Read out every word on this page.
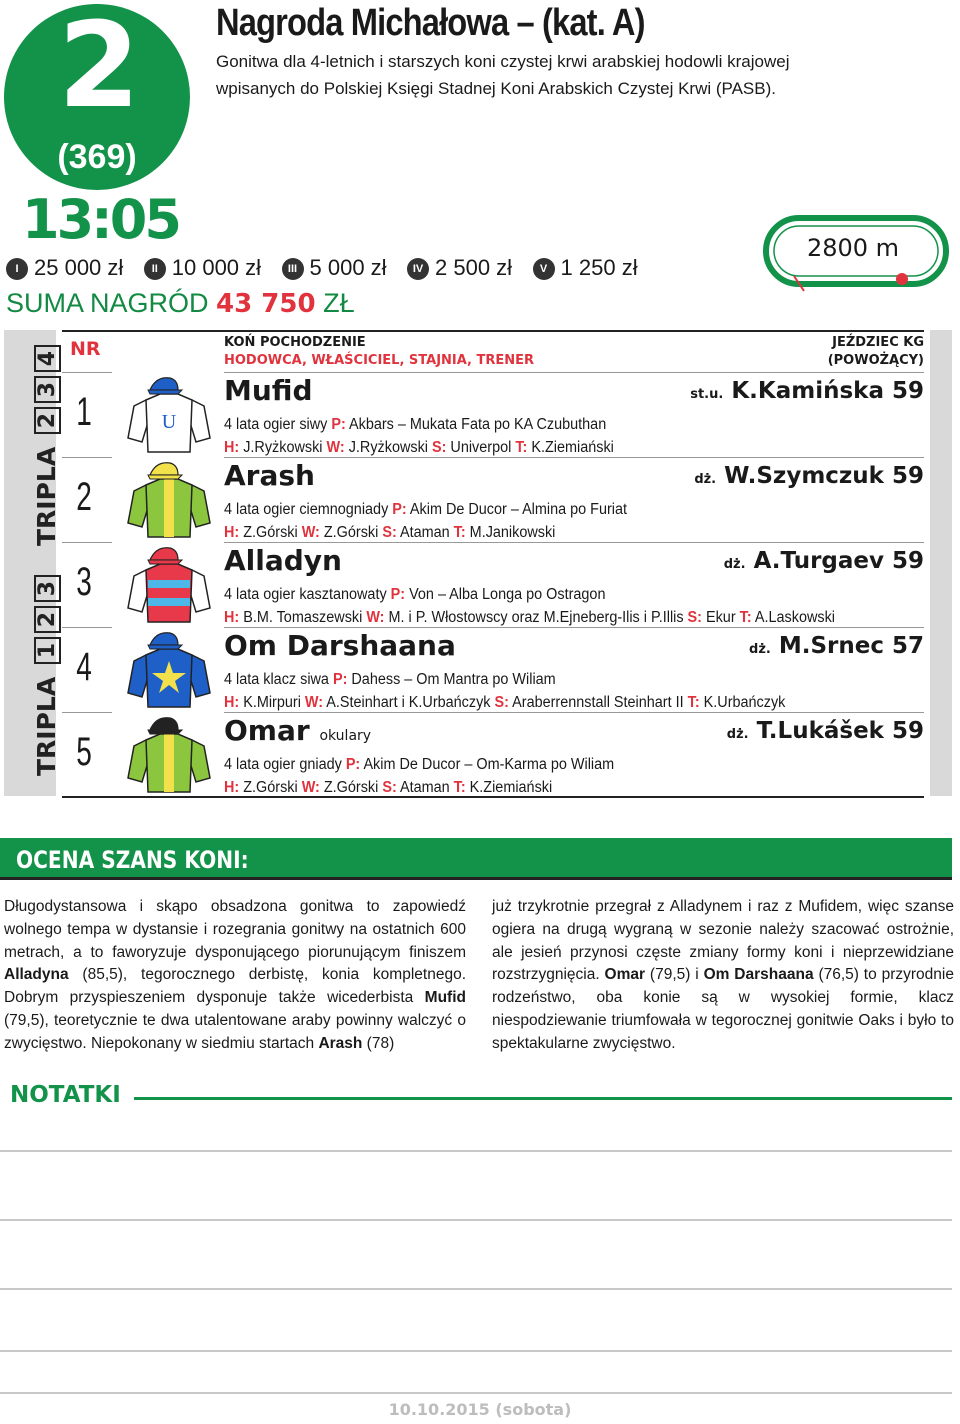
2
(369)
13:05
Nagroda Michałowa – (kat. A)
Gonitwa dla 4-letnich i starszych koni czystej krwi arabskiej hodowli krajowej wpisanych do Polskiej Księgi Stadnej Koni Arabskich Czystej Krwi (PASB).
I 25 000 zł	II 10 000 zł III 5 000 zł IV 2 500 zł	V 1 250 zł
SUMA NAGRÓD 43 750 ZŁ
2800 m
TRIPLA 123
TRIPLA 234 NR	KOŃ POCHODZENIE
HODOWCA, WŁAŚCICIEL, STAJNIA, TRENER
JEŹDZIEC KG
(POWOŻĄCY)
1	U
Mufid	st.u. K.Kamińska 59
4 lata ogier siwy P: Akbars – Mukata Fata po KA Czubuthan
H: J.Ryżkowski W: J.Ryżkowski S: Univerpol T: K.Ziemiański
2	Arash	dż. W.Szymczuk 59
4 lata ogier ciemnogniady P: Akim De Ducor – Almina po Furiat
H: Z.Górski W: Z.Górski S: Ataman T: M.Janikowski
3	Alladyn	dż. A.Turgaev 59
4 lata ogier kasztanowaty P: Von – Alba Longa po Ostragon
H: B.M. Tomaszewski W: M. i P. Włostowscy oraz M.Ejneberg-Ilis i P.Illis S: Ekur T: A.Laskowski
4	Om Darshaana	dż. M.Srnec 57
4 lata klacz siwa P: Dahess – Om Mantra po Wiliam
H: K.Mirpuri W: A.Steinhart i K.Urbańczyk S: Araberrennstall Steinhart II T: K.Urbańczyk
5	Omar okulary	dż. T.Lukášek 59
4 lata ogier gniady P: Akim De Ducor – Om-Karma po Wiliam
H: Z.Górski W: Z.Górski S: Ataman T: K.Ziemiański
OCENA SZANS KONI:
Długodystansowa i skąpo obsadzona gonitwa to zapowiedź wolnego tempa w dystansie i rozegrania gonitwy na ostatnich 600 metrach, a to faworyzuje dysponującego piorunującym finiszem Alladyna (85,5), tegorocznego derbistę, konia kompletnego. Dobrym przyspieszeniem dysponuje także wicederbista Mufid (79,5), teoretycznie te dwa utalentowane araby powinny walczyć o zwycięstwo. Niepokonany w siedmiu startach Arash (78)
już trzykrotnie przegrał z Alladynem i raz z Mufidem, więc szanse ogiera na drugą wygraną w sezonie należy szacować ostrożnie, ale jesień przynosi częste zmiany formy koni i nieprzewidziane rozstrzygnięcia. Omar (79,5) i Om Darshaana (76,5) to przyrodnie rodzeństwo, oba konie są w wysokiej formie, klacz niespodziewanie triumfowała w tegorocznej gonitwie Oaks i było to spektakularne zwycięstwo.
NOTATKI
10.10.2015 (sobota)
